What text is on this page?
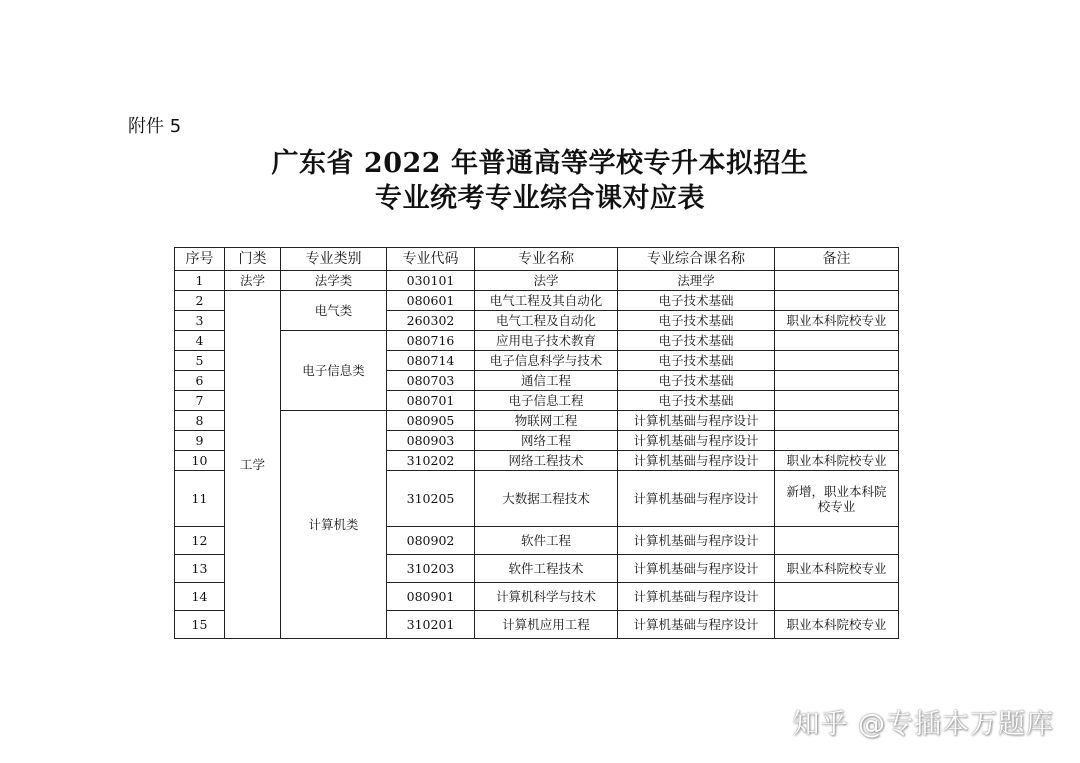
附件 5
广东省 2022 年普通高等学校专升本拟招生
专业统考专业综合课对应表
序号	门类	专业类别	专业代码	专业名称	专业综合课名称	备注
1	法学	法学类	030101	法学	法理学	
2	工学	电气类	080601	电气工程及其自动化	电子技术基础	
3			260302	电气工程及自动化	电子技术基础	职业本科院校专业
4		电子信息类	080716	应用电子技术教育	电子技术基础	
5			080714	电子信息科学与技术	电子技术基础	
6			080703	通信工程	电子技术基础	
7			080701	电子信息工程	电子技术基础	
8		计算机类	080905	物联网工程	计算机基础与程序设计	
9			080903	网络工程	计算机基础与程序设计	
10			310202	网络工程技术	计算机基础与程序设计	职业本科院校专业
11			310205	大数据工程技术	计算机基础与程序设计	新增，职业本科院
校专业
12			080902	软件工程	计算机基础与程序设计	
13			310203	软件工程技术	计算机基础与程序设计	职业本科院校专业
14			080901	计算机科学与技术	计算机基础与程序设计	
15			310201	计算机应用工程	计算机基础与程序设计	职业本科院校专业
知乎 @专插本万题库
